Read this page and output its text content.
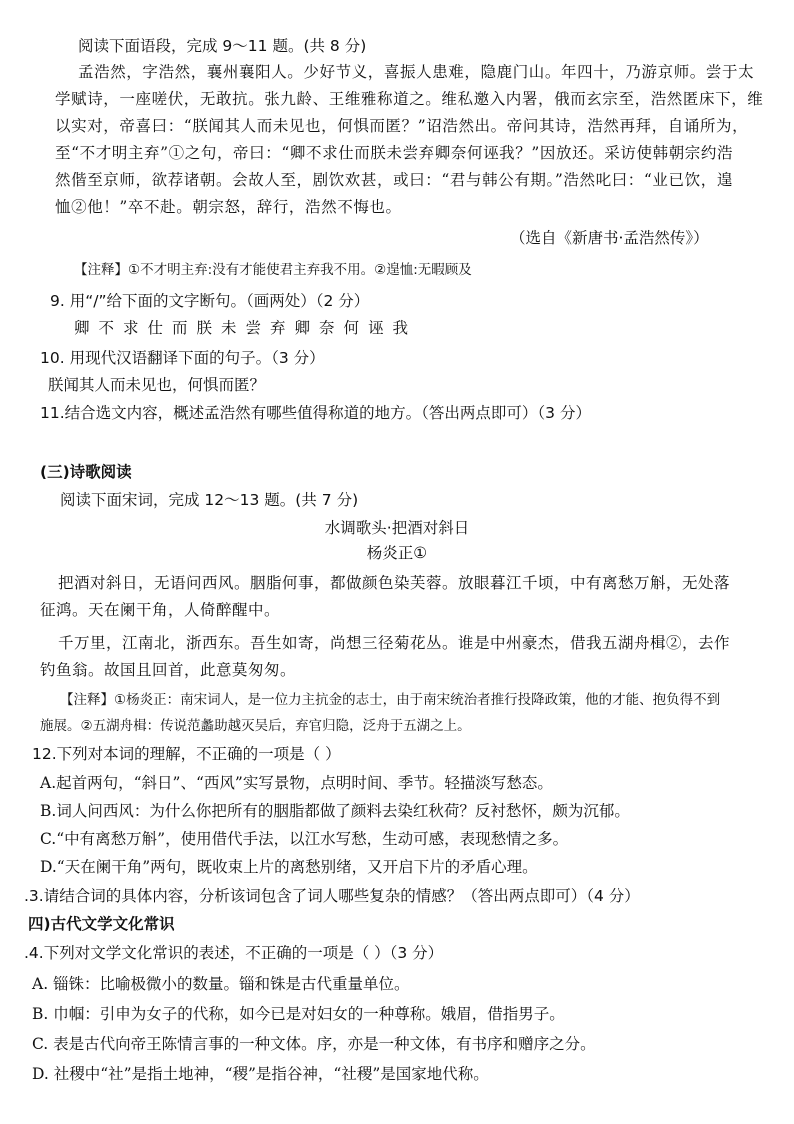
阅读下面语段，完成 9～11 题。(共 8 分)
孟浩然，字浩然，襄州襄阳人。少好节义，喜振人患难，隐鹿门山。年四十，乃游京师。尝于太
学赋诗，一座嗟伏，无敢抗。张九龄、王维雅称道之。维私邀入内署，俄而玄宗至，浩然匿床下，维
以实对，帝喜曰：“朕闻其人而未见也，何惧而匿？”诏浩然出。帝问其诗，浩然再拜，自诵所为，
至“不才明主弃”①之句，帝曰：“卿不求仕而朕未尝弃卿奈何诬我？”因放还。采访使韩朝宗约浩
然偕至京师，欲荐诸朝。会故人至，剧饮欢甚，或曰：“君与韩公有期。”浩然叱曰：“业已饮，遑
恤②他！”卒不赴。朝宗怒，辞行，浩然不悔也。
（选自《新唐书·孟浩然传》）
【注释】①不才明主弃:没有才能使君主弃我不用。②遑恤:无暇顾及
9. 用“/”给下面的文字断句。（画两处）（2 分）
卿不求仕而朕未尝弃卿奈何诬我
10. 用现代汉语翻译下面的句子。（3 分）
朕闻其人而未见也，何惧而匿？
11.结合选文内容，概述孟浩然有哪些值得称道的地方。（答出两点即可）（3 分）
(三)诗歌阅读
阅读下面宋词，完成 12～13 题。(共 7 分)
水调歌头·把酒对斜日
杨炎正①
把酒对斜日，无语问西风。胭脂何事，都做颜色染芙蓉。放眼暮江千顷，中有离愁万斛，无处落
征鸿。天在阑干角，人倚醉醒中。
千万里，江南北，浙西东。吾生如寄，尚想三径菊花丛。谁是中州豪杰，借我五湖舟楫②，去作
钓鱼翁。故国且回首，此意莫匆匆。
【注释】①杨炎正：南宋词人，是一位力主抗金的志士，由于南宋统治者推行投降政策，他的才能、抱负得不到
施展。②五湖舟楫：传说范蠡助越灭吴后，弃官归隐，泛舟于五湖之上。
12.下列对本词的理解，不正确的一项是（ ）
A.起首两句，“斜日”、“西风”实写景物，点明时间、季节。轻描淡写愁态。
B.词人问西风：为什么你把所有的胭脂都做了颜料去染红秋荷？反衬愁怀，颇为沉郁。
C.“中有离愁万斛”，使用借代手法，以江水写愁，生动可感，表现愁情之多。
D.“天在阑干角”两句，既收束上片的离愁别绪，又开启下片的矛盾心理。
.3.请结合词的具体内容，分析该词包含了词人哪些复杂的情感？（答出两点即可）（4 分）
四)古代文学文化常识
.4.下列对文学文化常识的表述，不正确的一项是（ ）（3 分）
A. 锱铢：比喻极微小的数量。锱和铢是古代重量单位。
B. 巾帼：引申为女子的代称，如今已是对妇女的一种尊称。娥眉，借指男子。
C. 表是古代向帝王陈情言事的一种文体。序，亦是一种文体，有书序和赠序之分。
D. 社稷中“社”是指土地神，“稷”是指谷神，“社稷”是国家地代称。
